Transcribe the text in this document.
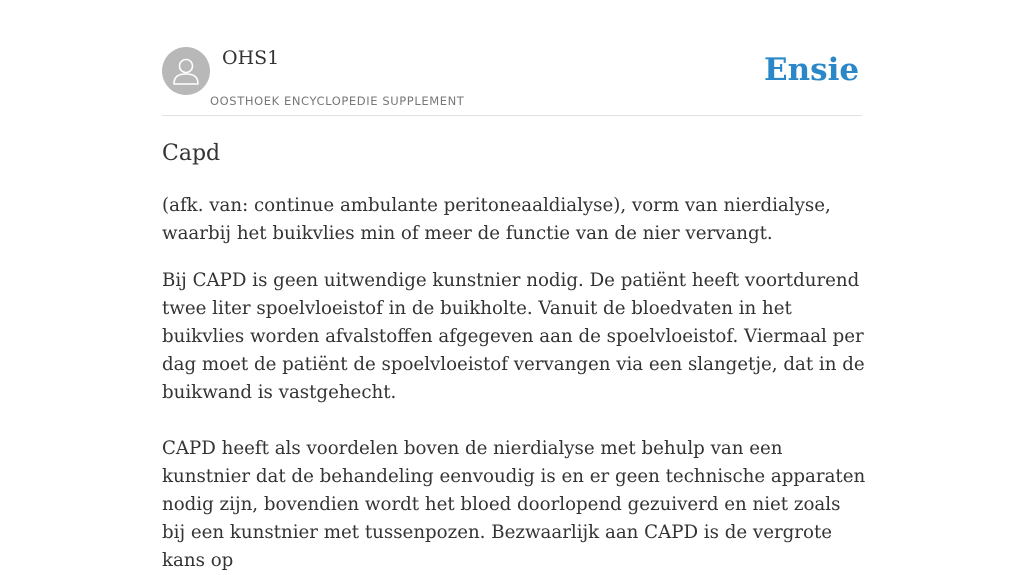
OHS1
OOSTHOEK ENCYCLOPEDIE SUPPLEMENT
Ensie
Capd

(afk. van: continue ambulante peritoneaaldialyse), vorm van nierdialyse, waarbij het buikvlies min of meer de functie van de nier vervangt.

Bij CAPD is geen uitwendige kunstnier nodig. De patiënt heeft voortdurend twee liter spoelvloeistof in de buikholte. Vanuit de bloedvaten in het buikvlies worden afvalstoffen afgegeven aan de spoelvloeistof. Viermaal per dag moet de patiënt de spoelvloeistof vervangen via een slangetje, dat in de buikwand is vastgehecht.

CAPD heeft als voordelen boven de nierdialyse met behulp van een kunstnier dat de behandeling eenvoudig is en er geen technische apparaten nodig zijn, bovendien wordt het bloed doorlopend gezuiverd en niet zoals bij een kunstnier met tussenpozen. Bezwaarlijk aan CAPD is de vergrote kans op
